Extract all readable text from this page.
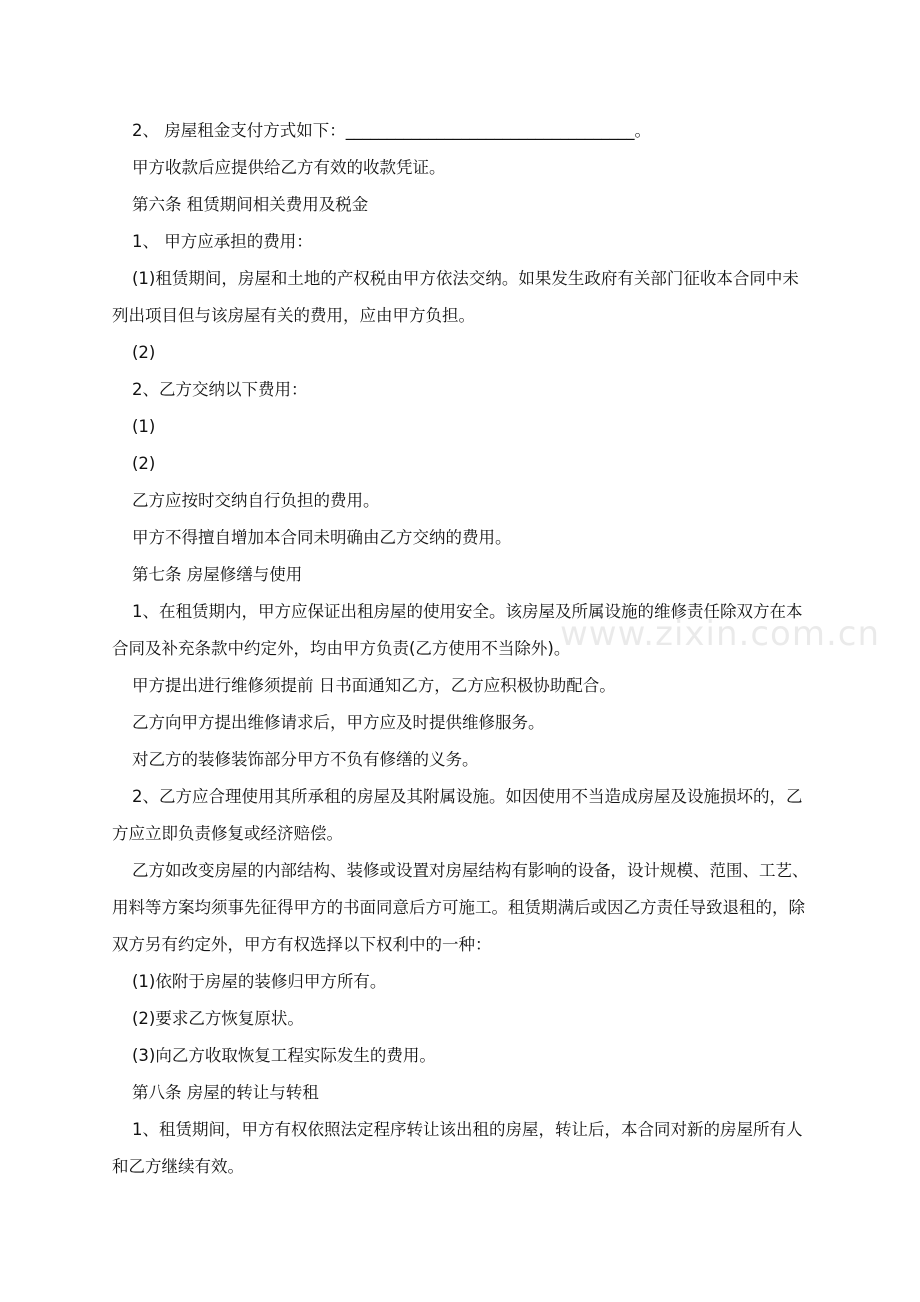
2、 房屋租金支付方式如下：___________________________________。

甲方收款后应提供给乙方有效的收款凭证。

第六条 租赁期间相关费用及税金

1、 甲方应承担的费用：

(1)租赁期间，房屋和土地的产权税由甲方依法交纳。如果发生政府有关部门征收本合同中未列出项目但与该房屋有关的费用，应由甲方负担。

(2)

2、乙方交纳以下费用：

(1)

(2)

乙方应按时交纳自行负担的费用。

甲方不得擅自增加本合同未明确由乙方交纳的费用。

第七条 房屋修缮与使用

1、在租赁期内，甲方应保证出租房屋的使用安全。该房屋及所属设施的维修责任除双方在本合同及补充条款中约定外，均由甲方负责(乙方使用不当除外)。

甲方提出进行维修须提前 日书面通知乙方，乙方应积极协助配合。

乙方向甲方提出维修请求后，甲方应及时提供维修服务。

对乙方的装修装饰部分甲方不负有修缮的义务。

2、乙方应合理使用其所承租的房屋及其附属设施。如因使用不当造成房屋及设施损坏的，乙方应立即负责修复或经济赔偿。

乙方如改变房屋的内部结构、装修或设置对房屋结构有影响的设备，设计规模、范围、工艺、用料等方案均须事先征得甲方的书面同意后方可施工。租赁期满后或因乙方责任导致退租的，除双方另有约定外，甲方有权选择以下权利中的一种：

(1)依附于房屋的装修归甲方所有。

(2)要求乙方恢复原状。

(3)向乙方收取恢复工程实际发生的费用。

第八条 房屋的转让与转租

1、租赁期间，甲方有权依照法定程序转让该出租的房屋，转让后，本合同对新的房屋所有人和乙方继续有效。

www.zixin.com.cn
